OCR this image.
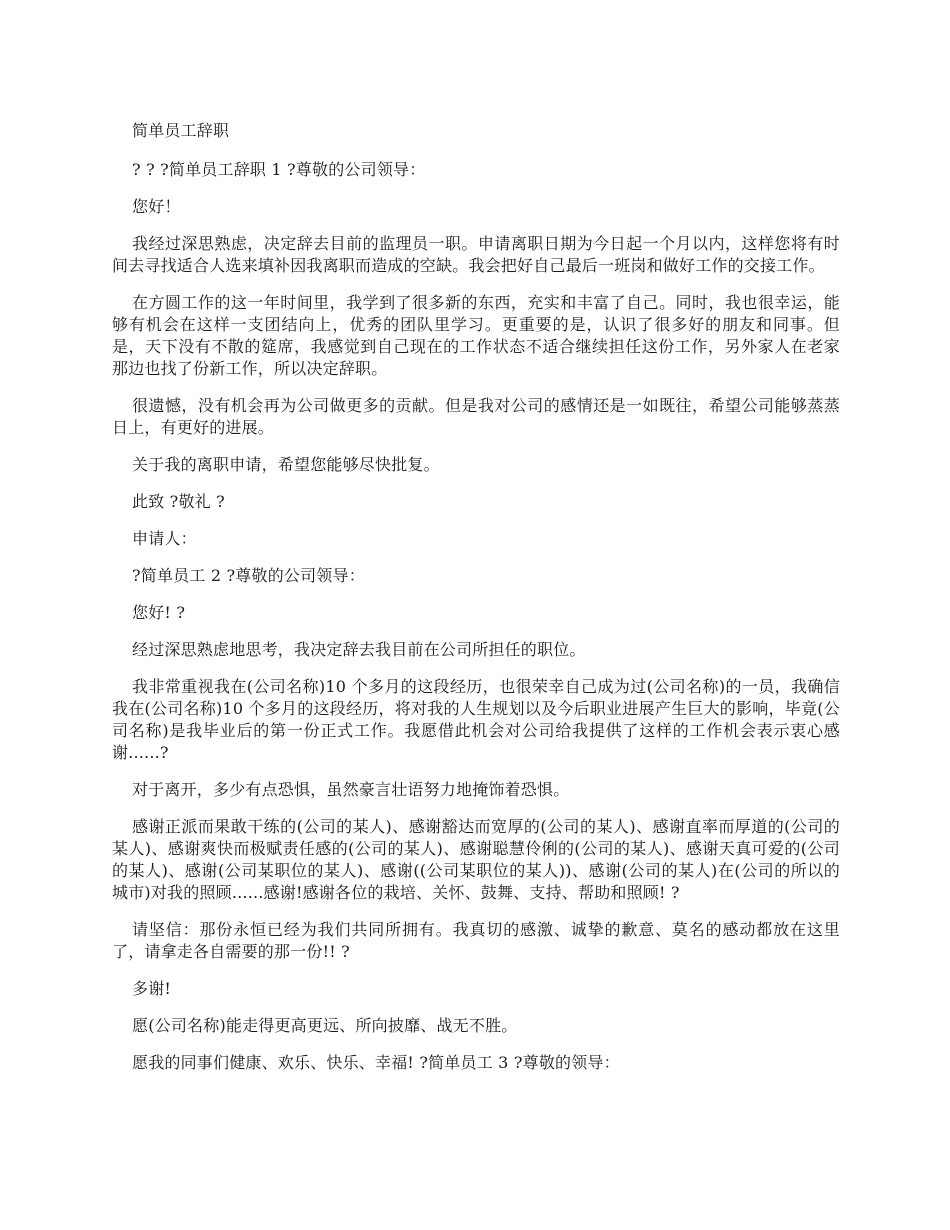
简单员工辞职

? ? ?简单员工辞职 1 ?尊敬的公司领导：

您好！

我经过深思熟虑，决定辞去目前的监理员一职。申请离职日期为今日起一个月以内，这样您将有时间去寻找适合人选来填补因我离职而造成的空缺。我会把好自己最后一班岗和做好工作的交接工作。

在方圆工作的这一年时间里，我学到了很多新的东西，充实和丰富了自己。同时，我也很幸运，能够有机会在这样一支团结向上，优秀的团队里学习。更重要的是，认识了很多好的朋友和同事。但是，天下没有不散的筵席，我感觉到自己现在的工作状态不适合继续担任这份工作，另外家人在老家那边也找了份新工作，所以决定辞职。

很遗憾，没有机会再为公司做更多的贡献。但是我对公司的感情还是一如既往，希望公司能够蒸蒸日上，有更好的进展。

关于我的离职申请，希望您能够尽快批复。

此致 ?敬礼 ?

申请人：

?简单员工 2 ?尊敬的公司领导：

您好! ?

经过深思熟虑地思考，我决定辞去我目前在公司所担任的职位。

我非常重视我在(公司名称)10 个多月的这段经历，也很荣幸自己成为过(公司名称)的一员，我确信我在(公司名称)10 个多月的这段经历，将对我的人生规划以及今后职业进展产生巨大的影响，毕竟(公司名称)是我毕业后的第一份正式工作。我愿借此机会对公司给我提供了这样的工作机会表示衷心感谢......?

对于离开，多少有点恐惧，虽然豪言壮语努力地掩饰着恐惧。

感谢正派而果敢干练的(公司的某人)、感谢豁达而宽厚的(公司的某人)、感谢直率而厚道的(公司的某人)、感谢爽快而极赋责任感的(公司的某人)、感谢聪慧伶俐的(公司的某人)、感谢天真可爱的(公司的某人)、感谢(公司某职位的某人)、感谢((公司某职位的某人))、感谢(公司的某人)在(公司的所以的城市)对我的照顾......感谢!感谢各位的栽培、关怀、鼓舞、支持、帮助和照顾! ?

请坚信：那份永恒已经为我们共同所拥有。我真切的感激、诚挚的歉意、莫名的感动都放在这里了，请拿走各自需要的那一份!! ?

多谢!

愿(公司名称)能走得更高更远、所向披靡、战无不胜。

愿我的同事们健康、欢乐、快乐、幸福! ?简单员工 3 ?尊敬的领导：
